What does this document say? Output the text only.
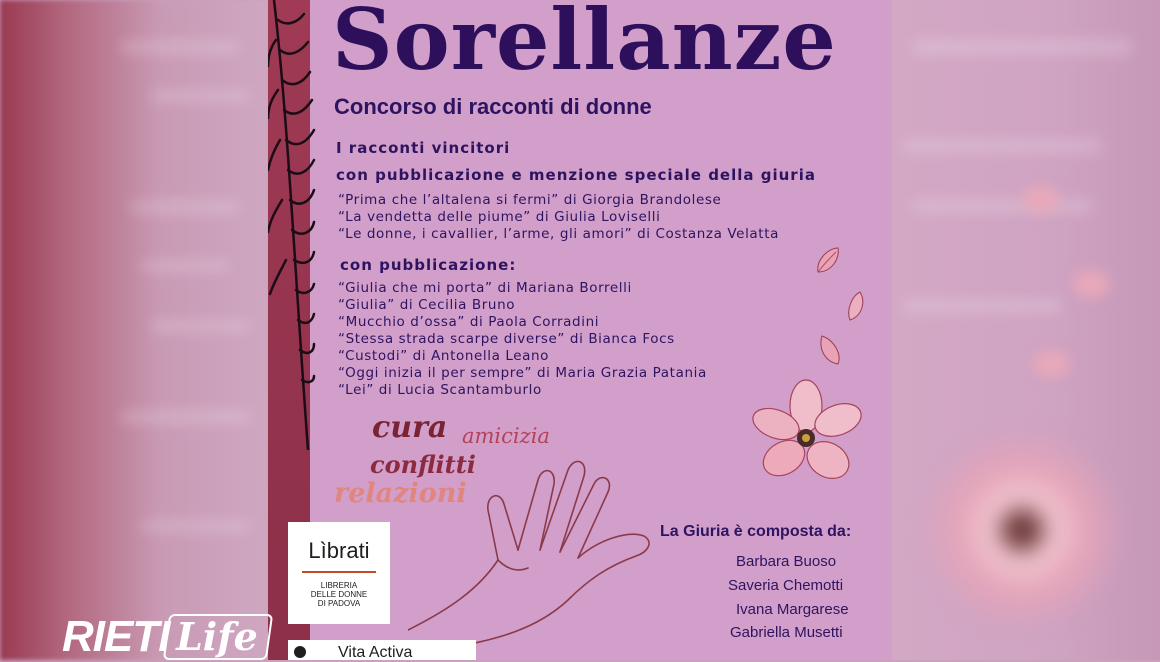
Sorellanze
Concorso di racconti di donne
I racconti vincitori
con pubblicazione e menzione speciale della giuria
“Prima che l’altalena si fermi” di Giorgia Brandolese
“La vendetta delle piume” di Giulia Loviselli
“Le donne, i cavallier, l’arme, gli amori” di Costanza Velatta
con pubblicazione:
“Giulia che mi porta” di Mariana Borrelli
“Giulia” di Cecilia Bruno
“Mucchio d’ossa” di Paola Corradini
“Stessa strada scarpe diverse” di Bianca Focs
“Custodi” di Antonella Leano
“Oggi inizia il per sempre” di Maria Grazia Patania
“Lei” di Lucia Scantamburlo
cura amicizia
conflitti
relazioni
La Giuria è composta da:
Barbara Buoso
Saveria Chemotti
Ivana Margarese
Gabriella Musetti
Lìbrati
LIBRERIA
DELLE DONNE
DI PADOVA
Vita Activa
RIETI Life
